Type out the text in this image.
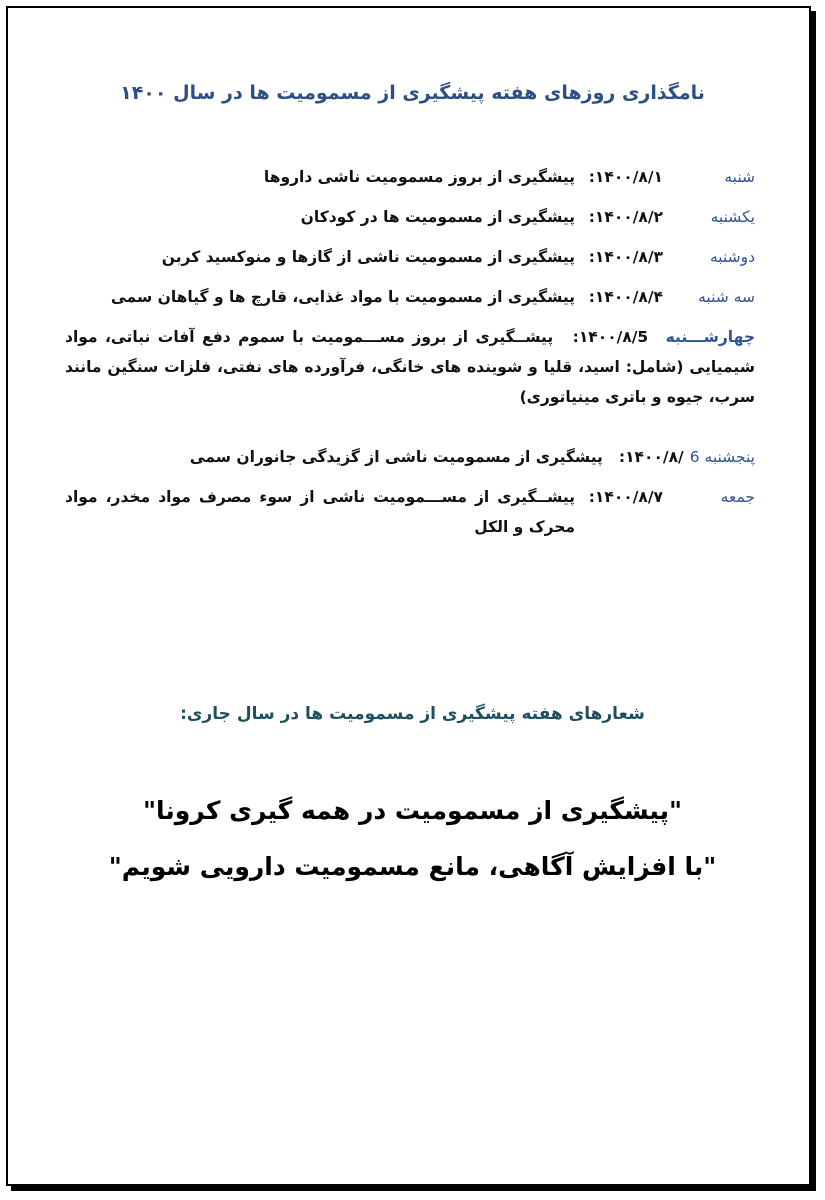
نامگذاری روزهای هفته پیشگیری از مسمومیت ها در سال ۱۴۰۰
شنبه
۱۴۰۰/۸/۱:
پیشگیری از بروز مسمومیت ناشی داروها
یکشنبه
۱۴۰۰/۸/۲:
پیشگیری از مسمومیت ها در کودکان
دوشنبه
۱۴۰۰/۸/۳:
پیشگیری از مسمومیت ناشی از گازها و منوکسید کربن
سه شنبه
۱۴۰۰/۸/۴:
پیشگیری از مسمومیت با مواد غذایی، قارچ ها و گیاهان سمی
چهارشـــنبه ۱۴۰۰/۸/5: پیشــگیری از بروز مســـمومیت با سموم دفع آفات نباتی، مواد شیمیایی (شامل: اسید، قلیا و شوینده های خانگی، فرآورده های نفتی، فلزات سنگین مانند سرب، جیوه و باتری مینیاتوری)
پنجشنبه 6
/۱۴۰۰/۸:
پیشگیری از مسمومیت ناشی از گزیدگی جانوران سمی
جمعه
۱۴۰۰/۸/۷:
پیشــگیری از مســـمومیت ناشی از سوء مصرف مواد مخدر، مواد محرک و الکل
شعارهای هفته پیشگیری از مسمومیت ها در سال جاری:
"پیشگیری از مسمومیت در همه گیری کرونا"
"با افزایش آگاهی، مانع مسمومیت دارویی شویم"
